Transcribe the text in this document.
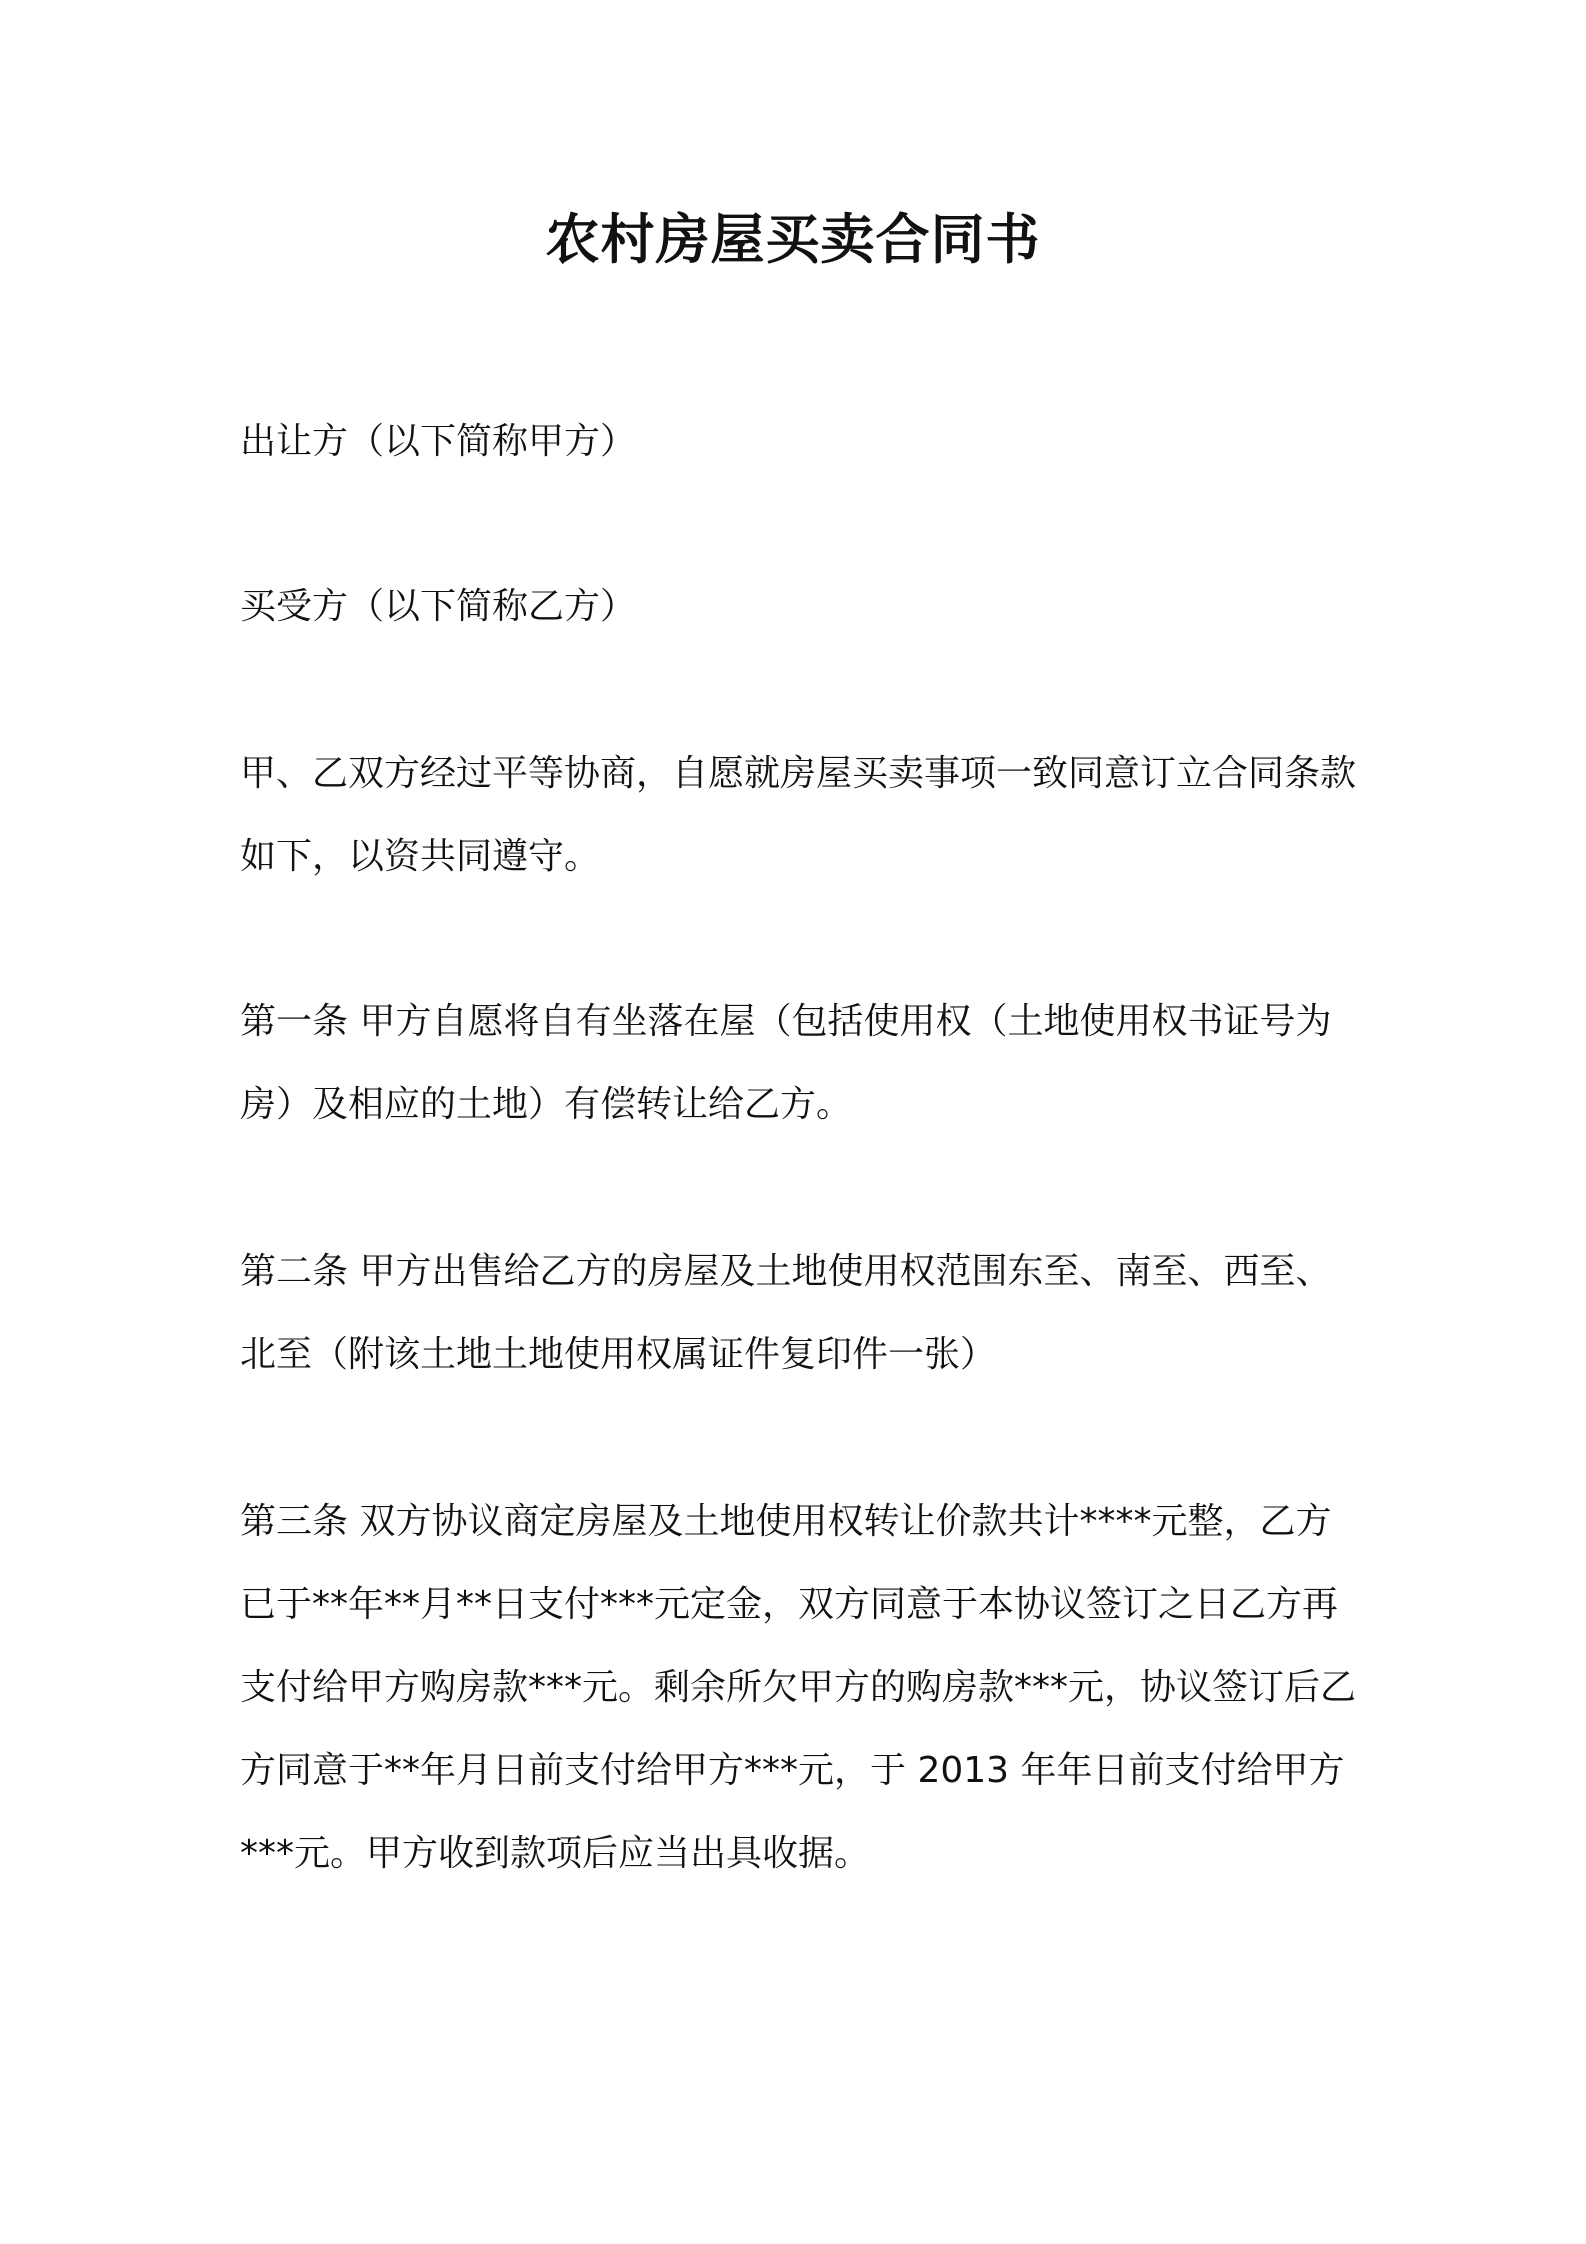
农村房屋买卖合同书

出让方（以下简称甲方）

买受方（以下简称乙方）

甲、乙双方经过平等协商，自愿就房屋买卖事项一致同意订立合同条款如下，以资共同遵守。

第一条 甲方自愿将自有坐落在屋（包括使用权（土地使用权书证号为房）及相应的土地）有偿转让给乙方。

第二条 甲方出售给乙方的房屋及土地使用权范围东至、南至、西至、北至（附该土地土地使用权属证件复印件一张）

第三条 双方协议商定房屋及土地使用权转让价款共计****元整，乙方已于**年**月**日支付***元定金，双方同意于本协议签订之日乙方再支付给甲方购房款***元。剩余所欠甲方的购房款***元，协议签订后乙方同意于**年月日前支付给甲方***元，于 2013 年年日前支付给甲方***元。甲方收到款项后应当出具收据。
